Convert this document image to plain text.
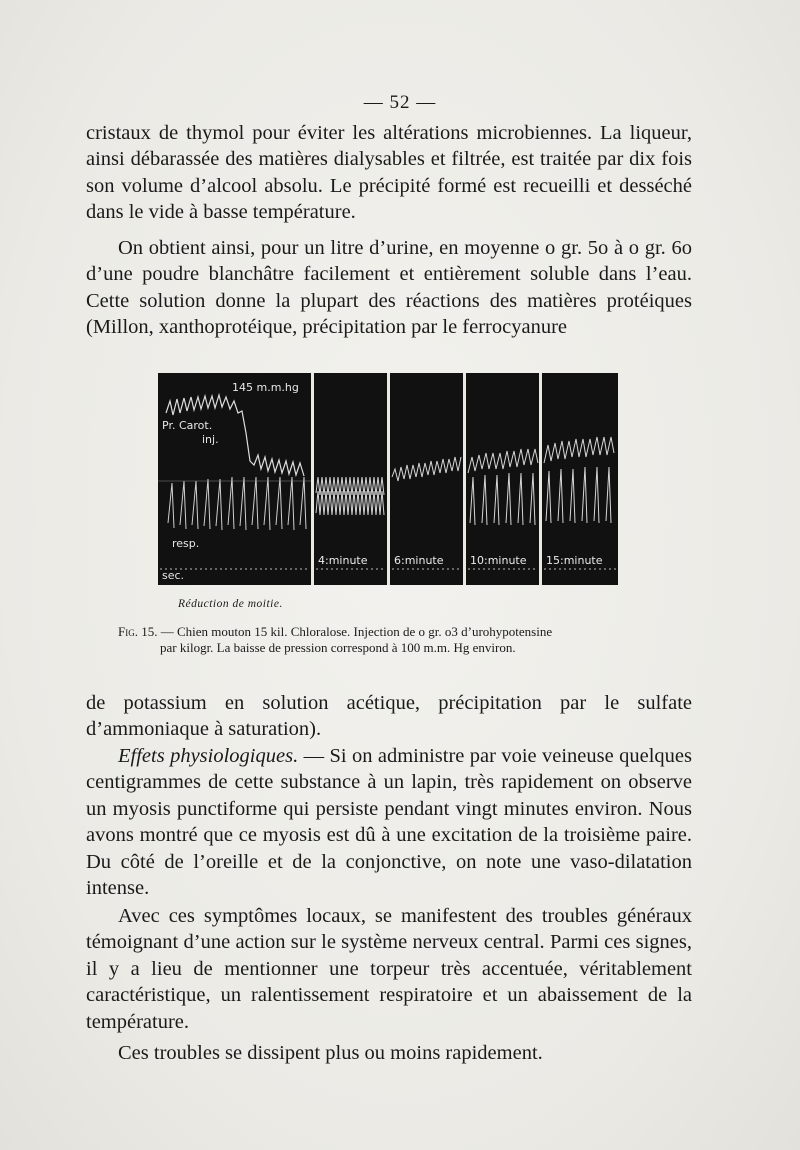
— 52 —

cristaux de thymol pour éviter les altérations microbiennes. La liqueur, ainsi débarassée des matières dialysables et filtrée, est traitée par dix fois son volume d’alcool absolu. Le précipité formé est recueilli et desséché dans le vide à basse température.

On obtient ainsi, pour un litre d’urine, en moyenne o gr. 5o à o gr. 6o d’une poudre blanchâtre facilement et entièrement soluble dans l’eau. Cette solution donne la plupart des réactions des matières protéiques (Millon, xanthoprotéique, précipitation par le ferrocyanure

145 m.m.hg
Pr. Carot.
inj.
resp.
sec.
4:minute 6:minute 10:minute 15:minute
Réduction de moitie.

Fig. 15. — Chien mouton 15 kil. Chloralose. Injection de o gr. o3 d’urohypotensine
par kilogr. La baisse de pression correspond à 100 m.m. Hg environ.

de potassium en solution acétique, précipitation par le sulfate d’ammoniaque à saturation).

Effets physiologiques. — Si on administre par voie veineuse quelques centigrammes de cette substance à un lapin, très rapidement on observe un myosis punctiforme qui persiste pendant vingt minutes environ. Nous avons montré que ce myosis est dû à une excitation de la troisième paire. Du côté de l’oreille et de la conjonctive, on note une vaso-dilatation intense.

Avec ces symptômes locaux, se manifestent des troubles généraux témoignant d’une action sur le système nerveux central. Parmi ces signes, il y a lieu de mentionner une torpeur très accentuée, véritablement caractéristique, un ralentissement respiratoire et un abaissement de la température.

Ces troubles se dissipent plus ou moins rapidement.
